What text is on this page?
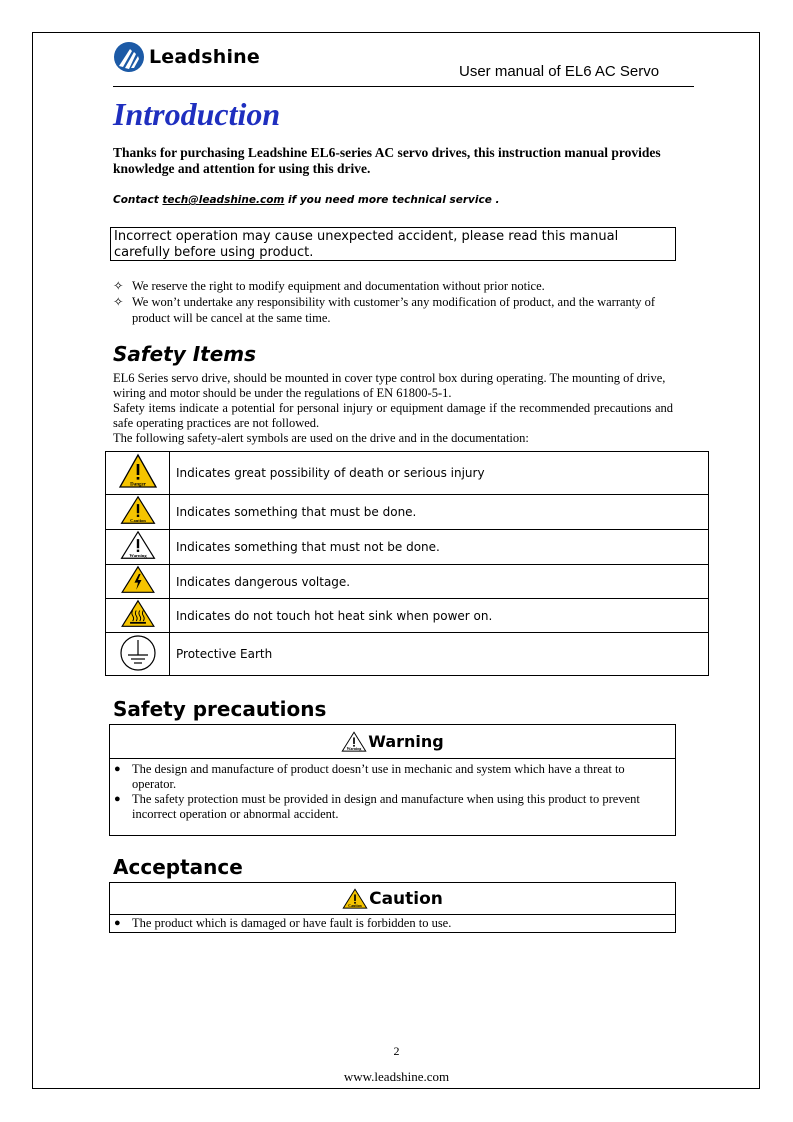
Leadshine
User manual of EL6 AC Servo
Introduction
Thanks for purchasing Leadshine EL6-series AC servo drives, this instruction manual provides knowledge and attention for using this drive.
Contact tech@leadshine.com if you need more technical service .
Incorrect operation may cause unexpected accident, please read this manual carefully before using product.
✧ We reserve the right to modify equipment and documentation without prior notice.
✧ We won’t undertake any responsibility with customer’s any modification of product, and the warranty of product will be cancel at the same time.
Safety Items

EL6 Series servo drive, should be mounted in cover type control box during operating. The mounting of drive, wiring and motor should be under the regulations of EN 61800-5-1.

Safety items indicate a potential for personal injury or equipment damage if the recommended precautions and safe operating practices are not followed.

The following safety-alert symbols are used on the drive and in the documentation:

Danger	Indicates great possibility of death or serious injury

Caution	Indicates something that must be done.

Warning	Indicates something that must not be done.
	Indicates dangerous voltage.
	Indicates do not touch hot heat sink when power on.
	Protective Earth
Safety precautions
Warning Warning
● The design and manufacture of product doesn’t use in mechanic and system which have a threat to operator.
● The safety protection must be provided in design and manufacture when using this product to prevent incorrect operation or abnormal accident.
Acceptance
Caution Caution
● The product which is damaged or have fault is forbidden to use.
2
www.leadshine.com
